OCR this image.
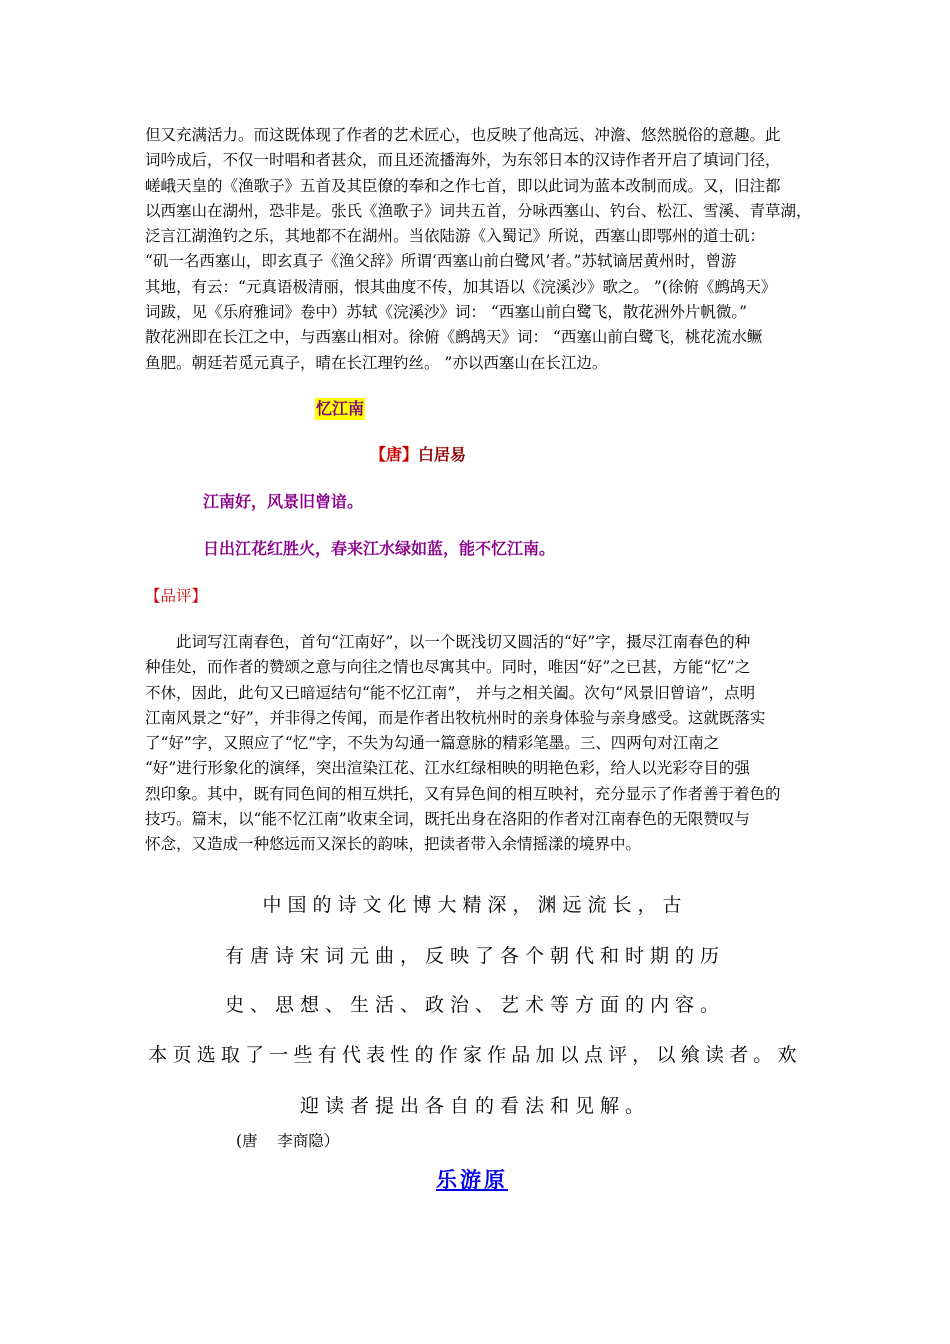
但又充满活力。而这既体现了作者的艺术匠心，也反映了他高远、冲澹、悠然脱俗的意趣。此
词吟成后，不仅一时唱和者甚众，而且还流播海外，为东邻日本的汉诗作者开启了填词门径，
嵯峨天皇的《渔歌子》五首及其臣僚的奉和之作七首，即以此词为蓝本改制而成。又，旧注都
以西塞山在湖州，恐非是。张氏《渔歌子》词共五首，分咏西塞山、钓台、松江、雪溪、青草湖，
泛言江湖渔钓之乐，其地都不在湖州。当依陆游《入蜀记》所说，西塞山即鄂州的道士矶：
“矶一名西塞山，即玄真子《渔父辞》所谓‘西塞山前白鹭风’者。”苏轼谪居黄州时，曾游
其地，有云：“元真语极清丽，恨其曲度不传，加其语以《浣溪沙》歌之。 ”(徐俯《鹧鸪天》
词跋，见《乐府雅词》卷中）苏轼《浣溪沙》词： “西塞山前白鹭飞，散花洲外片帆微。”
散花洲即在长江之中，与西塞山相对。徐俯《鹧鸪天》词： “西塞山前白鹭飞，桃花流水鳜
鱼肥。朝廷若觅元真子，晴在长江理钓丝。 ”亦以西塞山在长江边。
忆江南
【唐】白居易
江南好，风景旧曾谙。
日出江花红胜火，春来江水绿如蓝，能不忆江南。
【品评】
此词写江南春色，首句“江南好”，以一个既浅切又圆活的“好”字，摄尽江南春色的种
种佳处，而作者的赞颂之意与向往之情也尽寓其中。同时，唯因“好”之已甚，方能“忆”之
不休，因此，此句又已暗逗结句“能不忆江南”， 并与之相关阖。次句“风景旧曾谙”，点明
江南风景之“好”，并非得之传闻，而是作者出牧杭州时的亲身体验与亲身感受。这就既落实
了“好”字，又照应了“忆”字，不失为勾通一篇意脉的精彩笔墨。三、四两句对江南之
“好”进行形象化的演绎，突出渲染江花、江水红绿相映的明艳色彩，给人以光彩夺目的强
烈印象。其中，既有同色间的相互烘托，又有异色间的相互映衬，充分显示了作者善于着色的
技巧。篇末，以“能不忆江南”收束全词，既托出身在洛阳的作者对江南春色的无限赞叹与
怀念，又造成一种悠远而又深长的韵味，把读者带入余情摇漾的境界中。
中国的诗文化博大精深，渊远流长，古
有唐诗宋词元曲，反映了各个朝代和时期的历
史、思想、生活、政治、艺术等方面的内容。
本页选取了一些有代表性的作家作品加以点评，以飨读者。欢
迎读者提出各自的看法和见解。
(唐    李商隐）
乐游原
